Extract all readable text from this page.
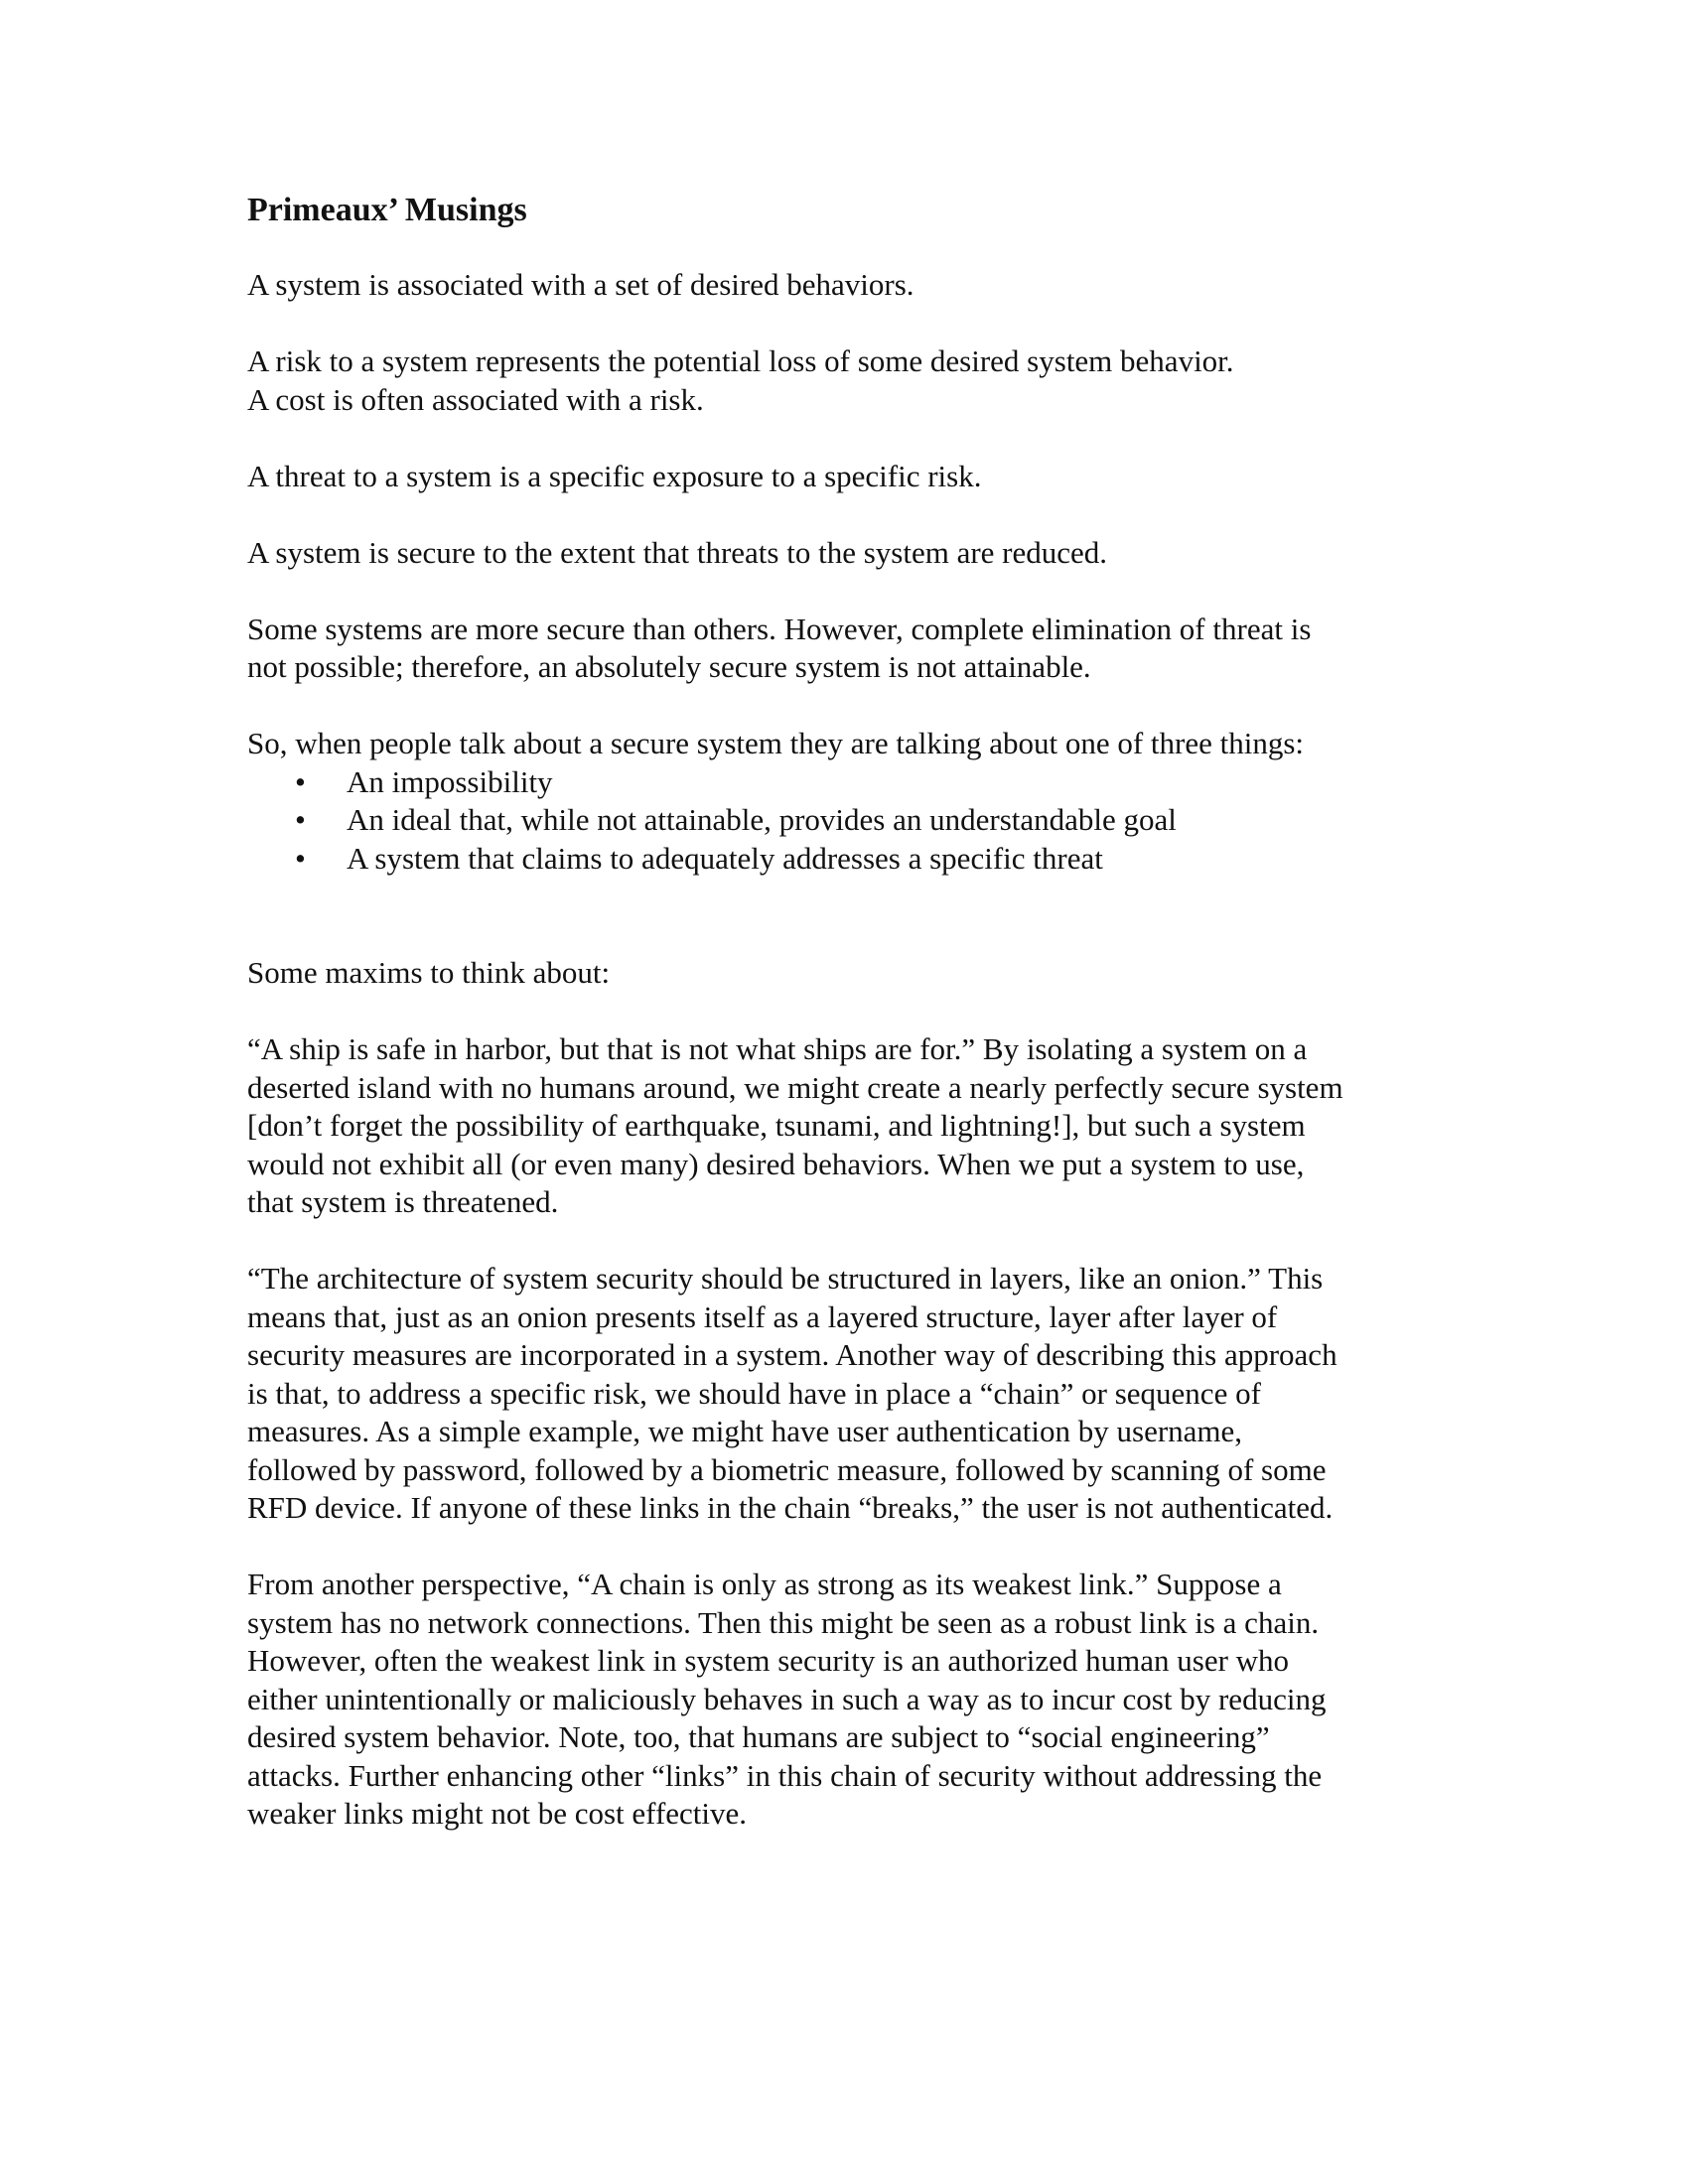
Primeaux’ Musings
A system is associated with a set of desired behaviors.
A risk to a system represents the potential loss of some desired system behavior.
A cost is often associated with a risk.
A threat to a system is a specific exposure to a specific risk.
A system is secure to the extent that threats to the system are reduced.
Some systems are more secure than others. However, complete elimination of threat is
not possible; therefore, an absolutely secure system is not attainable.
So, when people talk about a secure system they are talking about one of three things:
• An impossibility
• An ideal that, while not attainable, provides an understandable goal
• A system that claims to adequately addresses a specific threat
Some maxims to think about:
“A ship is safe in harbor, but that is not what ships are for.” By isolating a system on a
deserted island with no humans around, we might create a nearly perfectly secure system
[don’t forget the possibility of earthquake, tsunami, and lightning!], but such a system
would not exhibit all (or even many) desired behaviors. When we put a system to use,
that system is threatened.
“The architecture of system security should be structured in layers, like an onion.” This
means that, just as an onion presents itself as a layered structure, layer after layer of
security measures are incorporated in a system. Another way of describing this approach
is that, to address a specific risk, we should have in place a “chain” or sequence of
measures. As a simple example, we might have user authentication by username,
followed by password, followed by a biometric measure, followed by scanning of some
RFD device. If anyone of these links in the chain “breaks,” the user is not authenticated.
From another perspective, “A chain is only as strong as its weakest link.” Suppose a
system has no network connections. Then this might be seen as a robust link is a chain.
However, often the weakest link in system security is an authorized human user who
either unintentionally or maliciously behaves in such a way as to incur cost by reducing
desired system behavior. Note, too, that humans are subject to “social engineering”
attacks. Further enhancing other “links” in this chain of security without addressing the
weaker links might not be cost effective.
